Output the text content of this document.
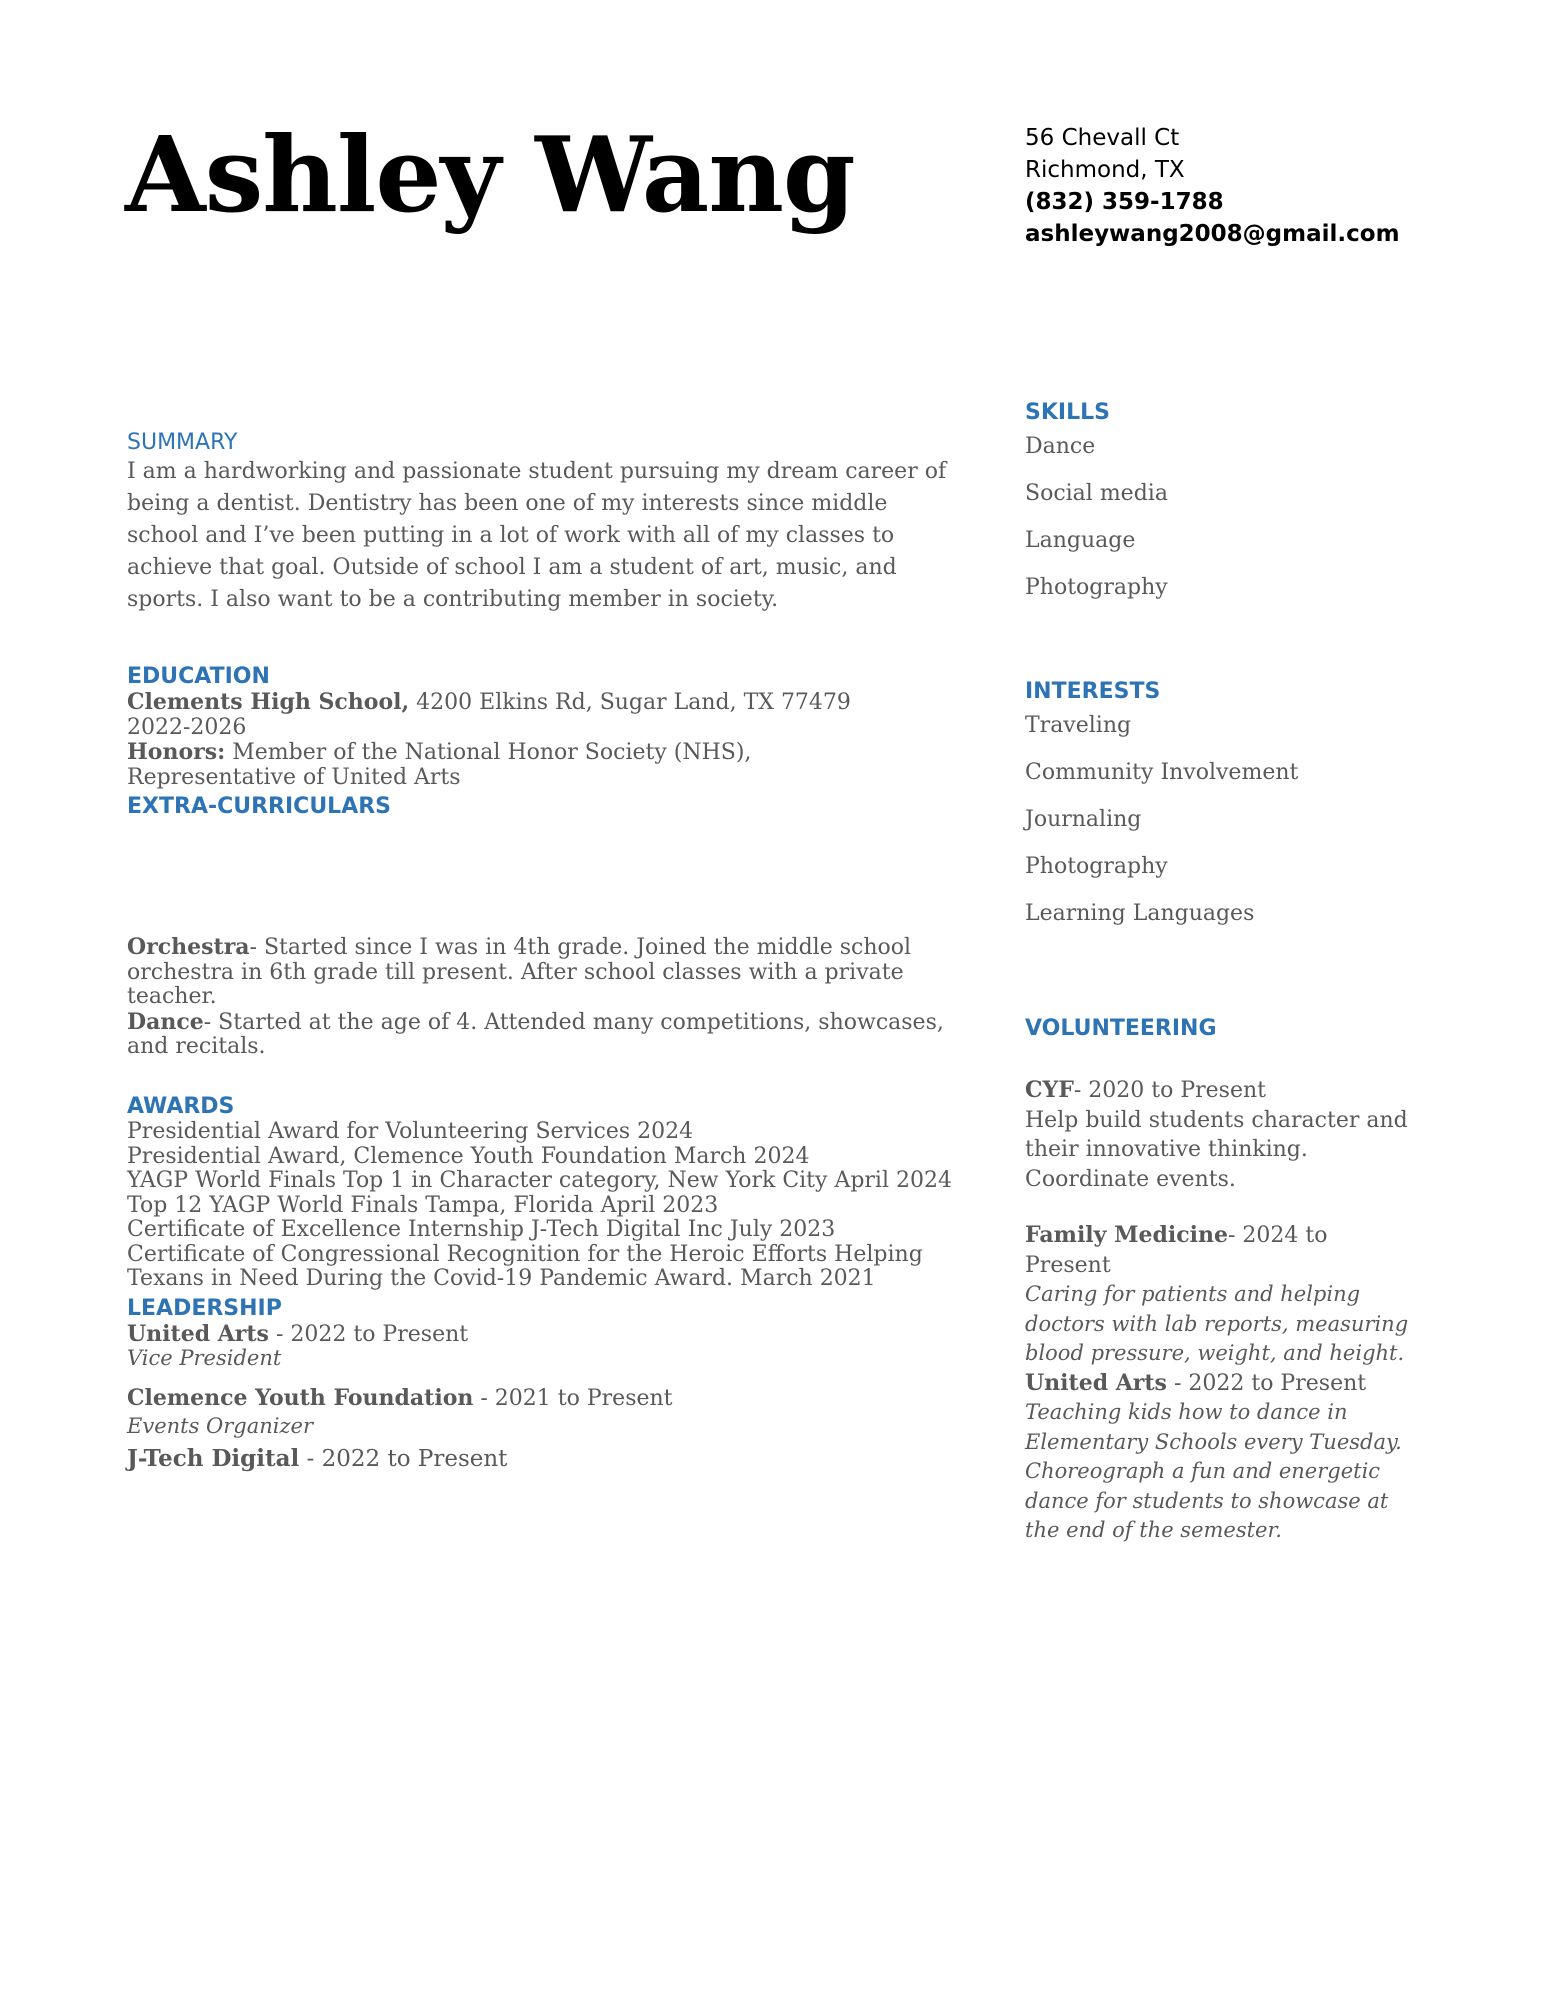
Ashley Wang	56 Chevall Ct
Richmond, TX
(832) 359-1788
ashleywang2008@gmail.com
SUMMARY
I am a hardworking and passionate student pursuing my dream career of being a dentist. Dentistry has been one of my interests since middle school and I’ve been putting in a lot of work with all of my classes to achieve that goal. Outside of school I am a student of art, music, and sports. I also want to be a contributing member in society.
EDUCATION
Clements High School, 4200 Elkins Rd, Sugar Land, TX 77479
2022-2026
Honors: Member of the National Honor Society (NHS), Representative of United Arts
EXTRA-CURRICULARS
Orchestra- Started since I was in 4th grade. Joined the middle school orchestra in 6th grade till present. After school classes with a private teacher.
Dance- Started at the age of 4. Attended many competitions, showcases, and recitals.
AWARDS
Presidential Award for Volunteering Services 2024
Presidential Award, Clemence Youth Foundation March 2024
YAGP World Finals Top 1 in Character category, New York City April 2024
Top 12 YAGP World Finals Tampa, Florida April 2023
Certificate of Excellence Internship J-Tech Digital Inc July 2023
Certificate of Congressional Recognition for the Heroic Efforts Helping Texans in Need During the Covid-19 Pandemic Award. March 2021
LEADERSHIP
United Arts - 2022 to Present
Vice President
Clemence Youth Foundation - 2021 to Present
Events Organizer
J-Tech Digital - 2022 to Present
SKILLS
Dance
Social media
Language
Photography
INTERESTS
Traveling
Community Involvement
Journaling
Photography
Learning Languages
VOLUNTEERING
CYF- 2020 to Present
Help build students character and their innovative thinking. Coordinate events.
Family Medicine- 2024 to Present
Caring for patients and helping doctors with lab reports, measuring blood pressure, weight, and height.
United Arts - 2022 to Present
Teaching kids how to dance in Elementary Schools every Tuesday. Choreograph a fun and energetic dance for students to showcase at the end of the semester.
